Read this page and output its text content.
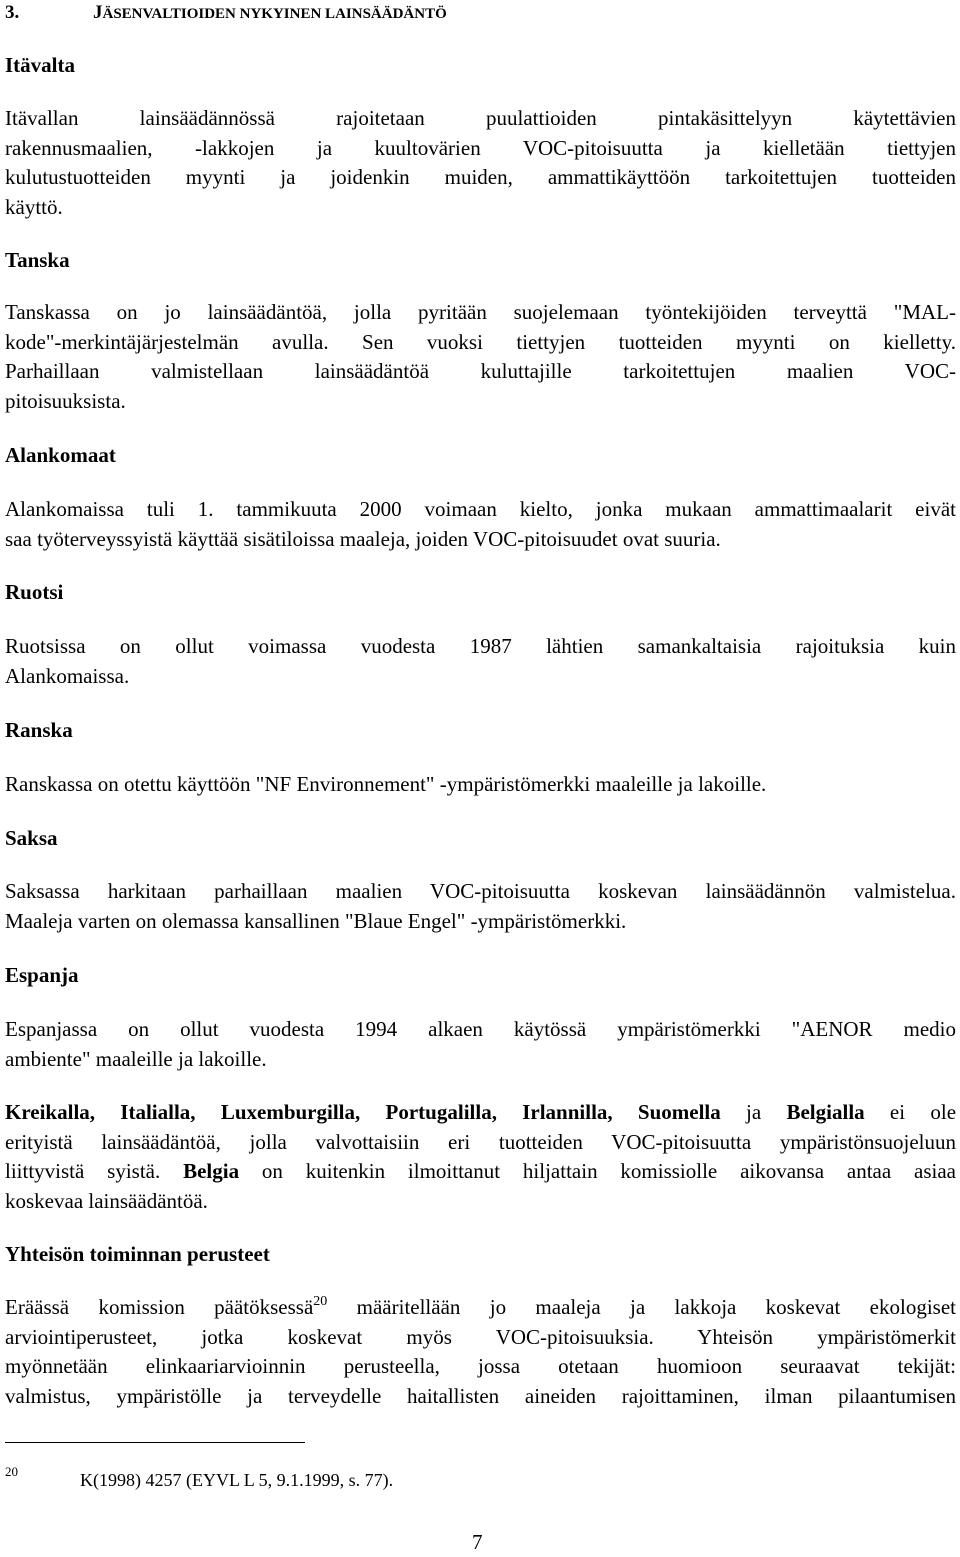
3.	JÄSENVALTIOIDEN NYKYINEN LAINSÄÄDÄNTÖ
Itävalta
Itävallan lainsäädännössä rajoitetaan puulattioiden pintakäsittelyyn käytettävien
rakennusmaalien, -lakkojen ja kuultovärien VOC-pitoisuutta ja kielletään tiettyjen
kulutustuotteiden myynti ja joidenkin muiden, ammattikäyttöön tarkoitettujen tuotteiden
käyttö.
Tanska
Tanskassa on jo lainsäädäntöä, jolla pyritään suojelemaan työntekijöiden terveyttä "MAL-
kode"-merkintäjärjestelmän avulla. Sen vuoksi tiettyjen tuotteiden myynti on kielletty.
Parhaillaan valmistellaan lainsäädäntöä kuluttajille tarkoitettujen maalien VOC-
pitoisuuksista.
Alankomaat
Alankomaissa tuli 1. tammikuuta 2000 voimaan kielto, jonka mukaan ammattimaalarit eivät
saa työterveyssyistä käyttää sisätiloissa maaleja, joiden VOC-pitoisuudet ovat suuria.
Ruotsi
Ruotsissa on ollut voimassa vuodesta 1987 lähtien samankaltaisia rajoituksia kuin
Alankomaissa.
Ranska
Ranskassa on otettu käyttöön "NF Environnement" -ympäristömerkki maaleille ja lakoille.
Saksa
Saksassa harkitaan parhaillaan maalien VOC-pitoisuutta koskevan lainsäädännön valmistelua.
Maaleja varten on olemassa kansallinen "Blaue Engel" -ympäristömerkki.
Espanja
Espanjassa on ollut vuodesta 1994 alkaen käytössä ympäristömerkki "AENOR medio
ambiente" maaleille ja lakoille.
Kreikalla, Italialla, Luxemburgilla, Portugalilla, Irlannilla, Suomella ja Belgialla ei ole
erityistä lainsäädäntöä, jolla valvottaisiin eri tuotteiden VOC-pitoisuutta ympäristönsuojeluun
liittyvistä syistä. Belgia on kuitenkin ilmoittanut hiljattain komissiolle aikovansa antaa asiaa
koskevaa lainsäädäntöä.
Yhteisön toiminnan perusteet
Eräässä komission päätöksessä$^{20}$ määritellään jo maaleja ja lakkoja koskevat ekologiset
arviointiperusteet, jotka koskevat myös VOC-pitoisuuksia. Yhteisön ympäristömerkit
myönnetään elinkaariarvioinnin perusteella, jossa otetaan huomioon seuraavat tekijät:
valmistus, ympäristölle ja terveydelle haitallisten aineiden rajoittaminen, ilman pilaantumisen
20	K(1998) 4257 (EYVL L 5, 9.1.1999, s. 77).
7
